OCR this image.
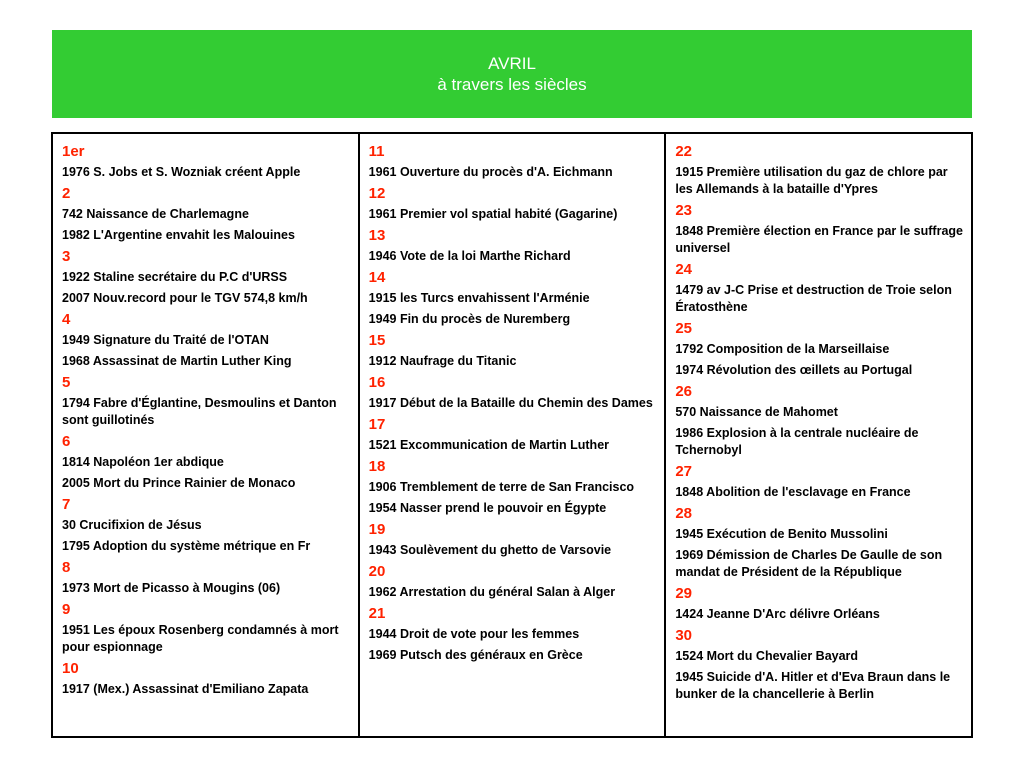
AVRIL
à travers les siècles
1er
1976 S. Jobs et S. Wozniak créent Apple
2
742 Naissance de Charlemagne
1982 L'Argentine envahit les Malouines
3
1922 Staline secrétaire du P.C d'URSS
2007 Nouv.record pour le TGV 574,8 km/h
4
1949 Signature du Traité de l'OTAN
1968 Assassinat de Martin Luther King
5
1794 Fabre d'Églantine, Desmoulins et Danton sont guillotinés
6
1814 Napoléon 1er abdique
2005 Mort du Prince Rainier de Monaco
7
30 Crucifixion de Jésus
1795 Adoption du système métrique en Fr
8
1973 Mort de Picasso à Mougins (06)
9
1951 Les époux Rosenberg condamnés à mort pour espionnage
10
1917 (Mex.) Assassinat d'Emiliano Zapata
11
1961 Ouverture du procès d'A. Eichmann
12
1961 Premier vol spatial habité (Gagarine)
13
1946 Vote de la loi Marthe Richard
14
1915 les Turcs envahissent l'Arménie
1949 Fin du procès de Nuremberg
15
1912 Naufrage du Titanic
16
1917 Début de la Bataille du Chemin des Dames
17
1521 Excommunication de Martin Luther
18
1906 Tremblement de terre de San Francisco
1954 Nasser prend le pouvoir en Égypte
19
1943 Soulèvement du ghetto de Varsovie
20
1962 Arrestation du général Salan à Alger
21
1944 Droit de vote pour les femmes
1969 Putsch des généraux en Grèce
22
1915 Première utilisation du gaz de chlore par les Allemands à la bataille d'Ypres
23
1848 Première élection en France par le suffrage universel
24
1479 av J-C Prise et destruction de Troie selon Ératosthène
25
1792 Composition de la Marseillaise
1974 Révolution des œillets au Portugal
26
570 Naissance de Mahomet
1986 Explosion à la centrale nucléaire de Tchernobyl
27
1848 Abolition de l'esclavage en France
28
1945 Exécution de Benito Mussolini
1969 Démission de Charles De Gaulle de son mandat de Président de la République
29
1424 Jeanne D'Arc délivre Orléans
30
1524 Mort du Chevalier Bayard
1945 Suicide d'A. Hitler et d'Eva Braun dans le bunker de la chancellerie à Berlin
